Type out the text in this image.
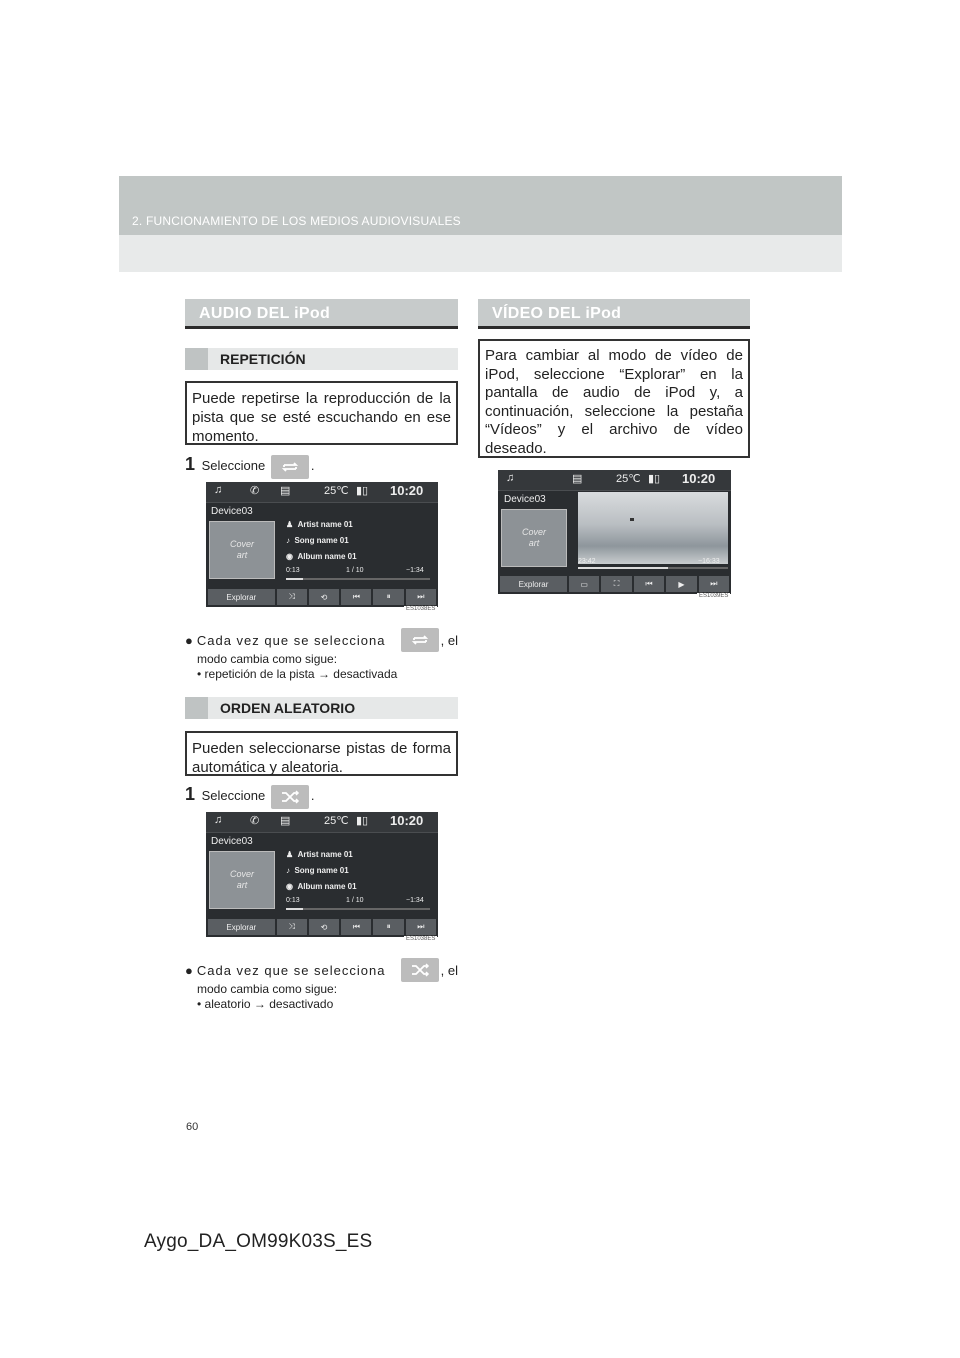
2. FUNCIONAMIENTO DE LOS MEDIOS AUDIOVISUALES
AUDIO DEL iPod
REPETICIÓN
Puede repetirse la reproducción de la pista que se esté escuchando en ese momento.
1 Seleccione	.
♫	✆ ▤	25℃ ▮▯ 10:20
Device03
Cover
art
♟  Artist name 01
♪  Song name 01
◉  Album name 01
0:13	1 / 10	−1:34
Explorar	⤨	⟲	⏮	⏸	⏭
ES1038ES
● Cada vez que se selecciona	, el
modo cambia como sigue:
• repetición de la pista → desactivada
ORDEN ALEATORIO
Pueden seleccionarse pistas de forma automática y aleatoria.
1 Seleccione	.
♫	✆ ▤	25℃ ▮▯ 10:20
Device03
Cover
art
♟  Artist name 01
♪  Song name 01
◉  Album name 01
0:13	1 / 10	−1:34
Explorar	⤨	⟲	⏮	⏸	⏭
ES1038ES
● Cada vez que se selecciona	, el
modo cambia como sigue:
• aleatorio → desactivado
VÍDEO DEL iPod
Para cambiar al modo de vídeo de iPod, seleccione “Explorar” en la pantalla de audio de iPod y, a continuación, seleccione la pestaña “Vídeos” y el archivo de vídeo deseado.
♫	▤	25℃ ▮▯ 10:20
Device03
Cover
art
23:42	−16:33
Explorar	▭	⛶	⏮	▶	⏭
ES1039ES
60
Aygo_DA_OM99K03S_ES
